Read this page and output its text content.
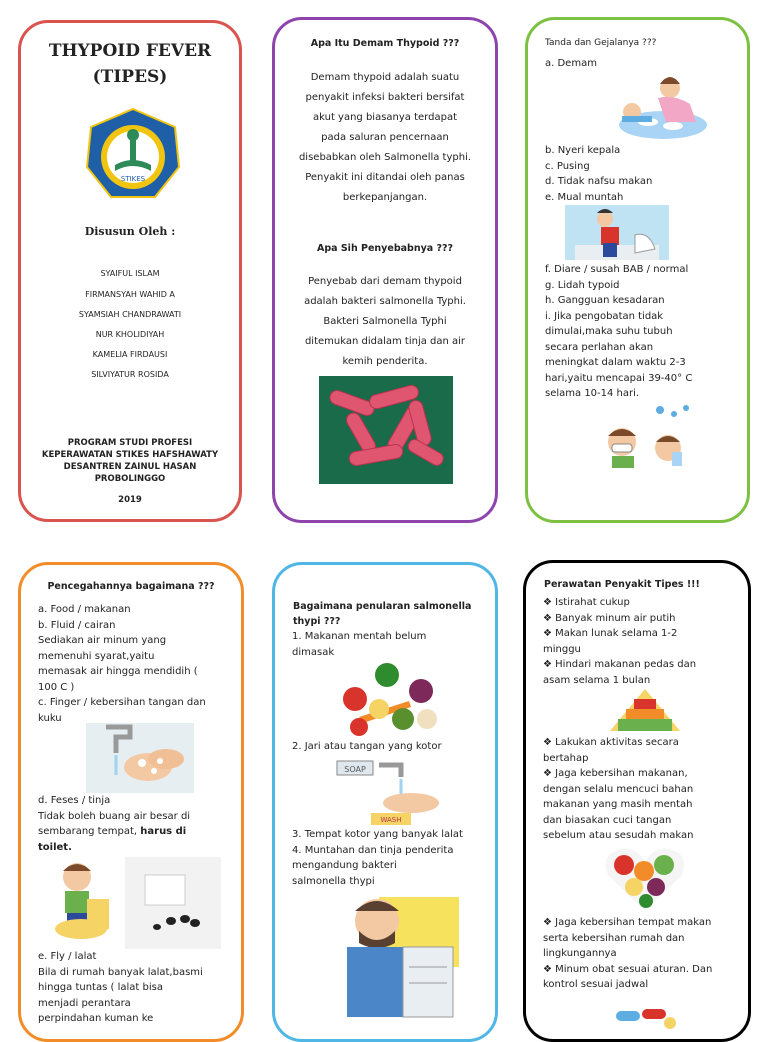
THYPOID FEVER
(TIPES)
STIKES
Disusun Oleh :
SYAIFUL ISLAM
FIRMANSYAH WAHID A
SYAMSIAH CHANDRAWATI
NUR KHOLIDIYAH
KAMELIA FIRDAUSI
SILVIYATUR ROSIDA
PROGRAM STUDI PROFESI
KEPERAWATAN STIKES HAFSHAWATY
DESANTREN ZAINUL HASAN
PROBOLINGGO
2019
Apa Itu Demam Thypoid ???
Demam thypoid adalah suatu
penyakit infeksi bakteri bersifat
akut yang biasanya terdapat
pada saluran pencernaan
disebabkan oleh Salmonella typhi.
Penyakit ini ditandai oleh panas
berkepanjangan.
Apa Sih Penyebabnya ???
Penyebab dari demam thypoid
adalah bakteri salmonella Typhi.
Bakteri Salmonella Typhi
ditemukan didalam tinja dan air
kemih penderita.
Tanda dan Gejalanya ???
a. Demam
b. Nyeri kepala
c. Pusing
d. Tidak nafsu makan
e. Mual muntah
f. Diare / susah BAB / normal
g. Lidah typoid
h. Gangguan kesadaran
i. Jika pengobatan tidak
dimulai,maka suhu tubuh
secara perlahan akan
meningkat dalam waktu 2-3
hari,yaitu mencapai 39-40° C
selama 10-14 hari.
Pencegahannya bagaimana ???
a. Food / makanan
b. Fluid / cairan
Sediakan air minum yang
memenuhi syarat,yaitu
memasak air hingga mendidih (
100 C )
c. Finger / kebersihan tangan dan
kuku
d. Feses / tinja
Tidak boleh buang air besar di
sembarang tempat, harus di
toilet.
e. Fly / lalat
Bila di rumah banyak lalat,basmi
hingga tuntas ( lalat bisa
menjadi perantara
perpindahan kuman ke
Bagaimana penularan salmonella
thypi ???
1. Makanan mentah belum
dimasak
2. Jari atau tangan yang kotor
SOAP
WASH
3. Tempat kotor yang banyak lalat
4. Muntahan dan tinja penderita
mengandung bakteri
salmonella thypi
Perawatan Penyakit Tipes !!!
❖ Istirahat cukup
❖ Banyak minum air putih
❖ Makan lunak selama 1-2
minggu
❖ Hindari makanan pedas dan
asam selama 1 bulan
❖ Lakukan aktivitas secara
bertahap
❖ Jaga kebersihan makanan,
dengan selalu mencuci bahan
makanan yang masih mentah
dan biasakan cuci tangan
sebelum atau sesudah makan
❖ Jaga kebersihan tempat makan
serta kebersihan rumah dan
lingkungannya
❖ Minum obat sesuai aturan. Dan
kontrol sesuai jadwal
